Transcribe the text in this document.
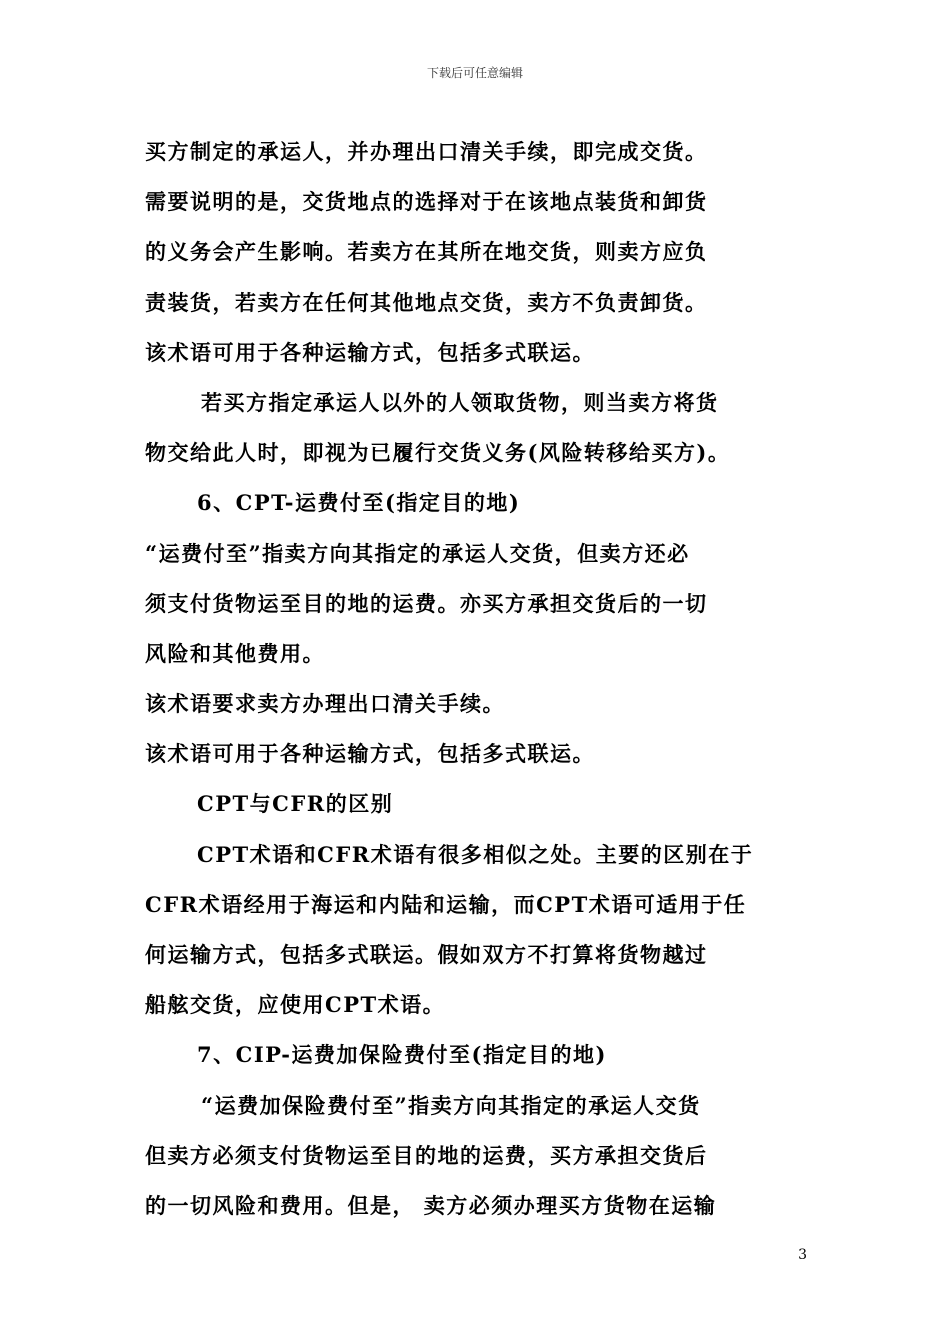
下载后可任意编辑
买方制定的承运人，并办理出口清关手续，即完成交货。
需要说明的是，交货地点的选择对于在该地点装货和卸货
的义务会产生影响。若卖方在其所在地交货，则卖方应负
责装货，若卖方在任何其他地点交货，卖方不负责卸货。
该术语可用于各种运输方式，包括多式联运。
若买方指定承运人以外的人领取货物，则当卖方将货
物交给此人时，即视为已履行交货义务(风险转移给买方)。
6、CPT-运费付至(指定目的地)
“运费付至”指卖方向其指定的承运人交货，但卖方还必
须支付货物运至目的地的运费。亦买方承担交货后的一切
风险和其他费用。
该术语要求卖方办理出口清关手续。
该术语可用于各种运输方式，包括多式联运。
CPT与CFR的区别
CPT术语和CFR术语有很多相似之处。主要的区别在于
CFR术语经用于海运和内陆和运输，而CPT术语可适用于任
何运输方式，包括多式联运。假如双方不打算将货物越过
船舷交货，应使用CPT术语。
7、CIP-运费加保险费付至(指定目的地)
“运费加保险费付至”指卖方向其指定的承运人交货
但卖方必须支付货物运至目的地的运费，买方承担交货后
的一切风险和费用。但是， 卖方必须办理买方货物在运输
3
